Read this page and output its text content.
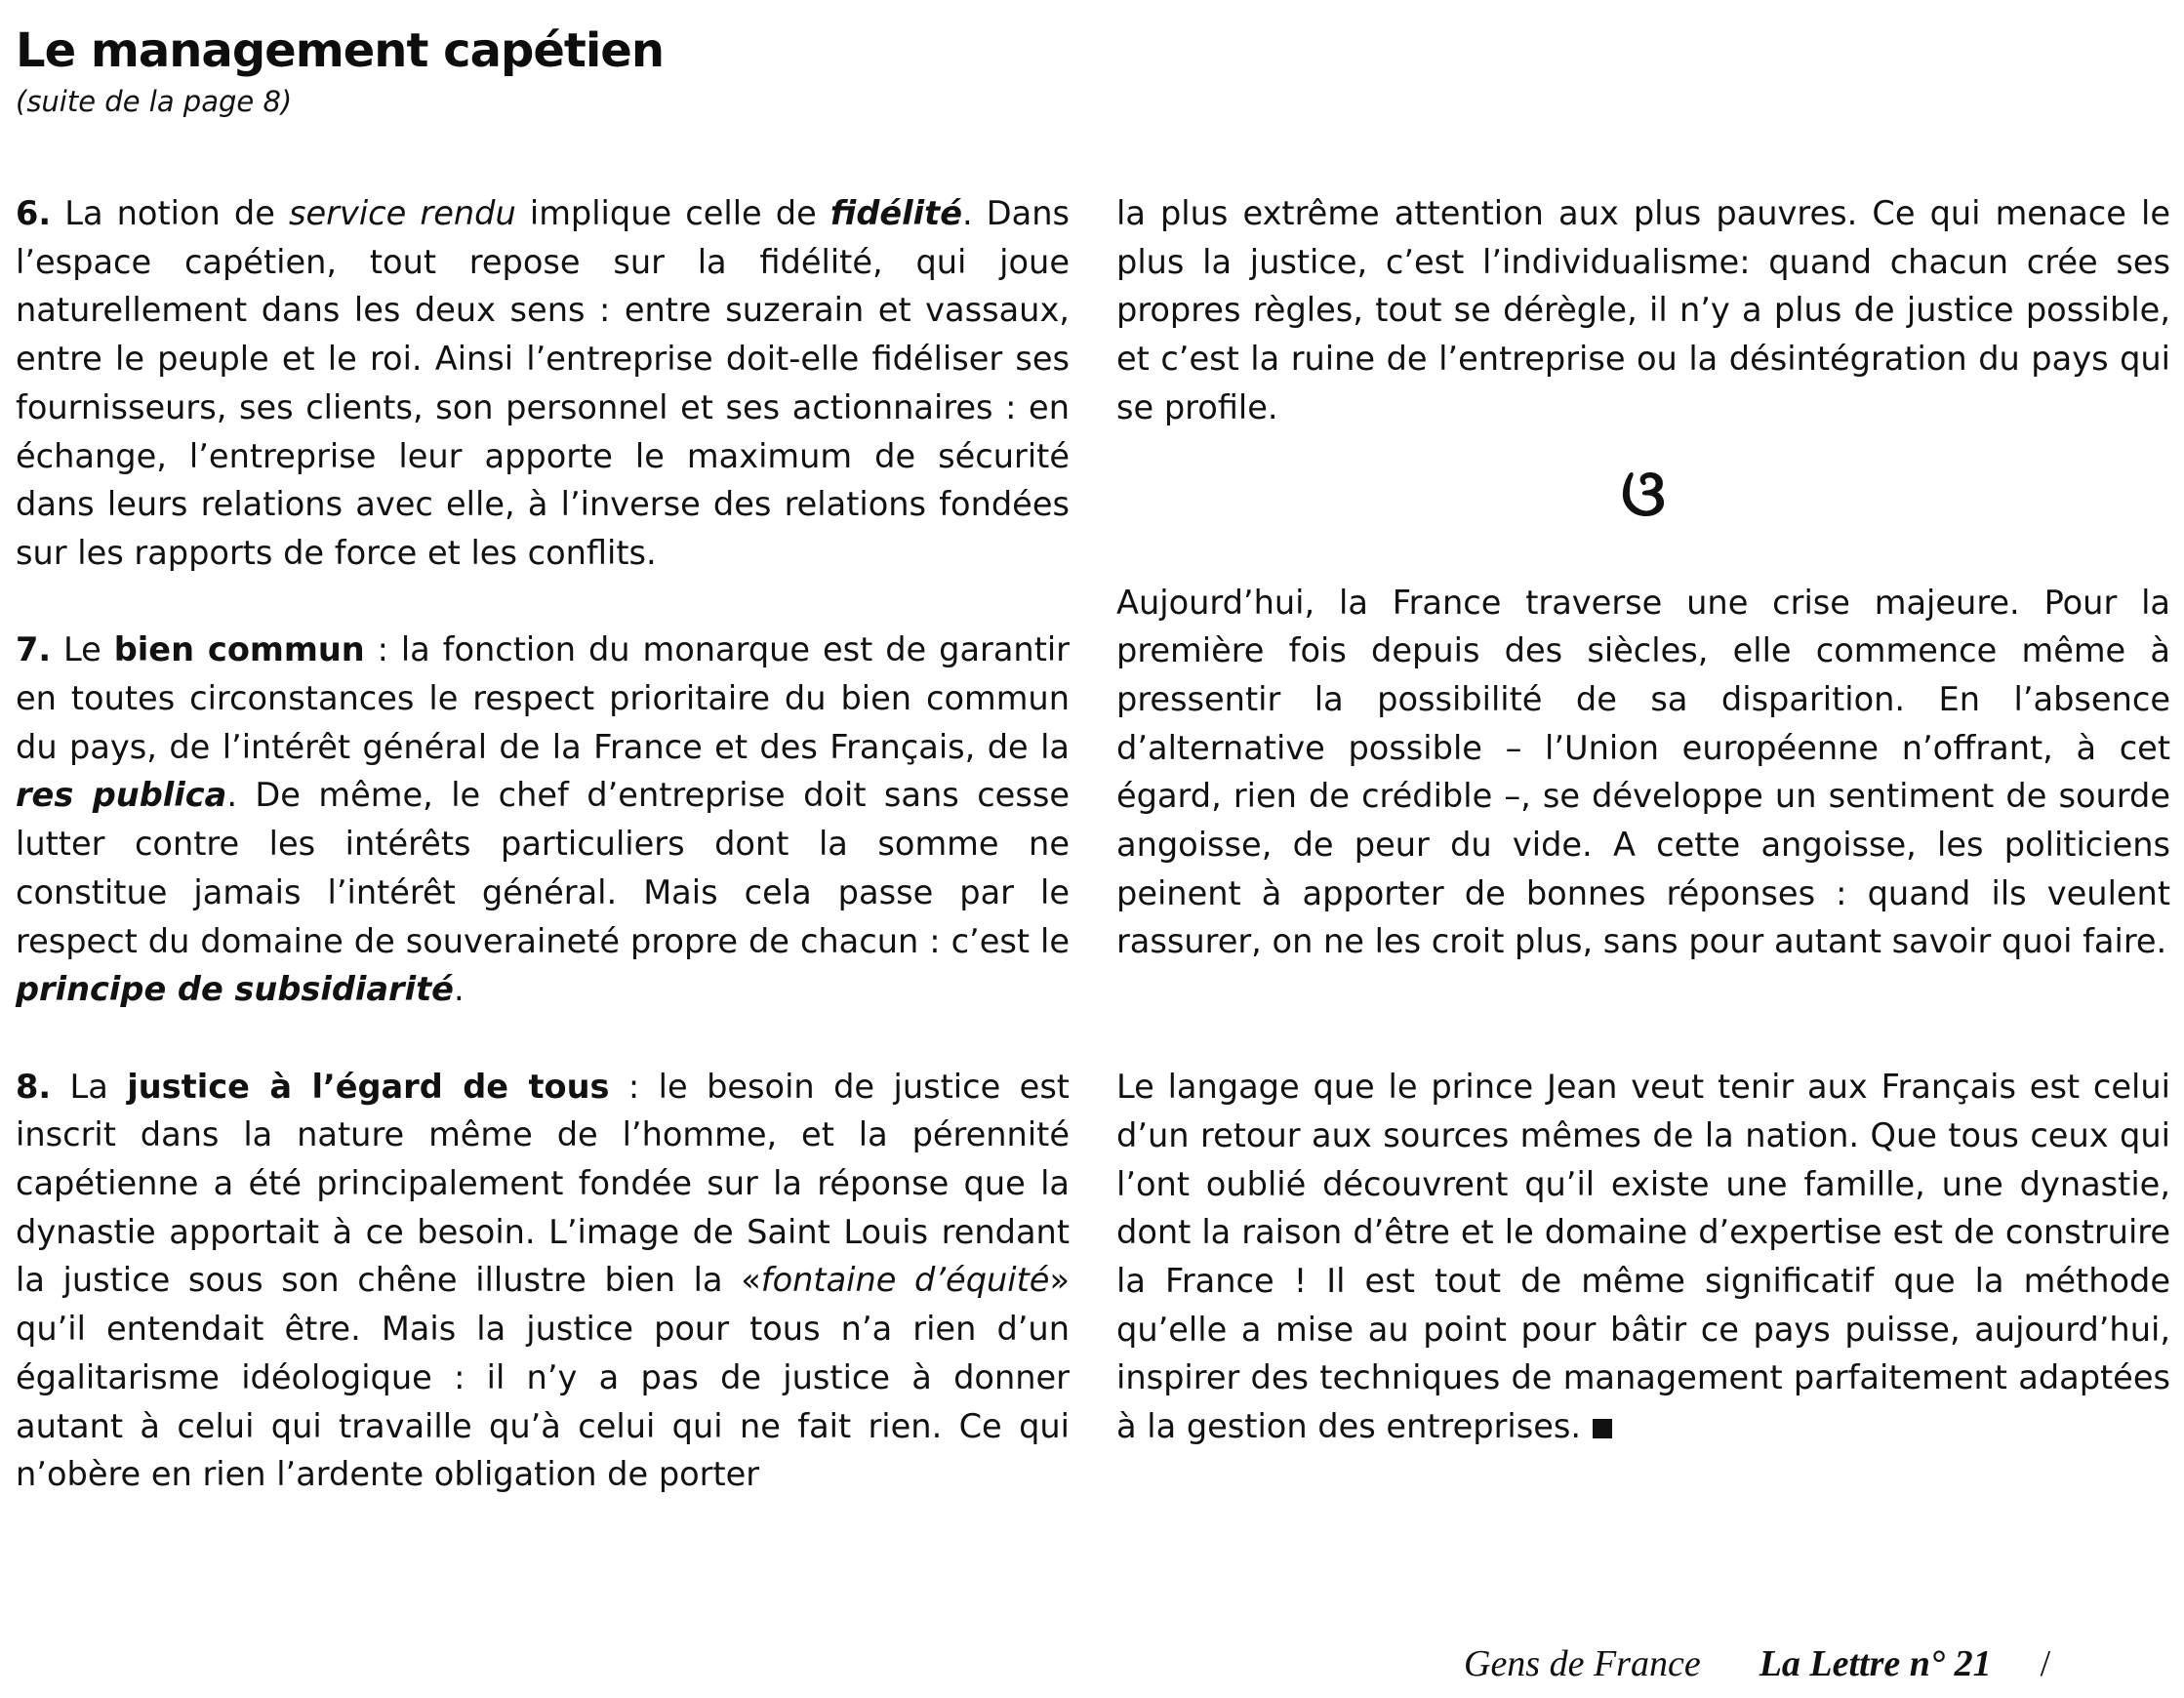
Le management capétien

(suite de la page 8)

6. La notion de service rendu implique celle de fidélité. Dans l’espace capétien, tout repose sur la fidélité, qui joue naturellement dans les deux sens : entre suzerain et vassaux, entre le peuple et le roi. Ainsi l’entreprise doit-elle fidéliser ses fournisseurs, ses clients, son personnel et ses actionnaires : en échange, l’entreprise leur apporte le maximum de sécurité dans leurs relations avec elle, à l’inverse des relations fondées sur les rapports de force et les conflits.

7. Le bien commun : la fonction du monarque est de garantir en toutes circonstances le respect prioritaire du bien commun du pays, de l’intérêt général de la France et des Français, de la res publica. De même, le chef d’entreprise doit sans cesse lutter contre les intérêts particuliers dont la somme ne constitue jamais l’intérêt général. Mais cela passe par le respect du domaine de souveraineté propre de chacun : c’est le principe de subsidiarité.

8. La justice à l’égard de tous : le besoin de justice est inscrit dans la nature même de l’homme, et la pérennité capétienne a été principalement fondée sur la réponse que la dynastie apportait à ce besoin. L’image de Saint Louis rendant la justice sous son chêne illustre bien la «fontaine d’équité» qu’il entendait être. Mais la justice pour tous n’a rien d’un égalitarisme idéologique : il n’y a pas de justice à donner autant à celui qui travaille qu’à celui qui ne fait rien. Ce qui n’obère en rien l’ardente obligation de porter

la plus extrême attention aux plus pauvres. Ce qui menace le plus la justice, c’est l’individualisme: quand chacun crée ses propres règles, tout se dérègle, il n’y a plus de justice possible, et c’est la ruine de l’entreprise ou la désintégration du pays qui se profile.

ଓ

Aujourd’hui, la France traverse une crise majeure. Pour la première fois depuis des siècles, elle commence même à pressentir la possibilité de sa disparition. En l’absence d’alternative possible – l’Union européenne n’offrant, à cet égard, rien de crédible –, se développe un sentiment de sourde angoisse, de peur du vide. A cette angoisse, les politiciens peinent à apporter de bonnes réponses : quand ils veulent rassurer, on ne les croit plus, sans pour autant savoir quoi faire.

Le langage que le prince Jean veut tenir aux Français est celui d’un retour aux sources mêmes de la nation. Que tous ceux qui l’ont oublié découvrent qu’il existe une famille, une dynastie, dont la raison d’être et le domaine d’expertise est de construire la France ! Il est tout de même significatif que la méthode qu’elle a mise au point pour bâtir ce pays puisse, aujourd’hui, inspirer des techniques de management parfaitement adaptées à la gestion des entreprises.

Gens de France La Lettre n° 21 /
